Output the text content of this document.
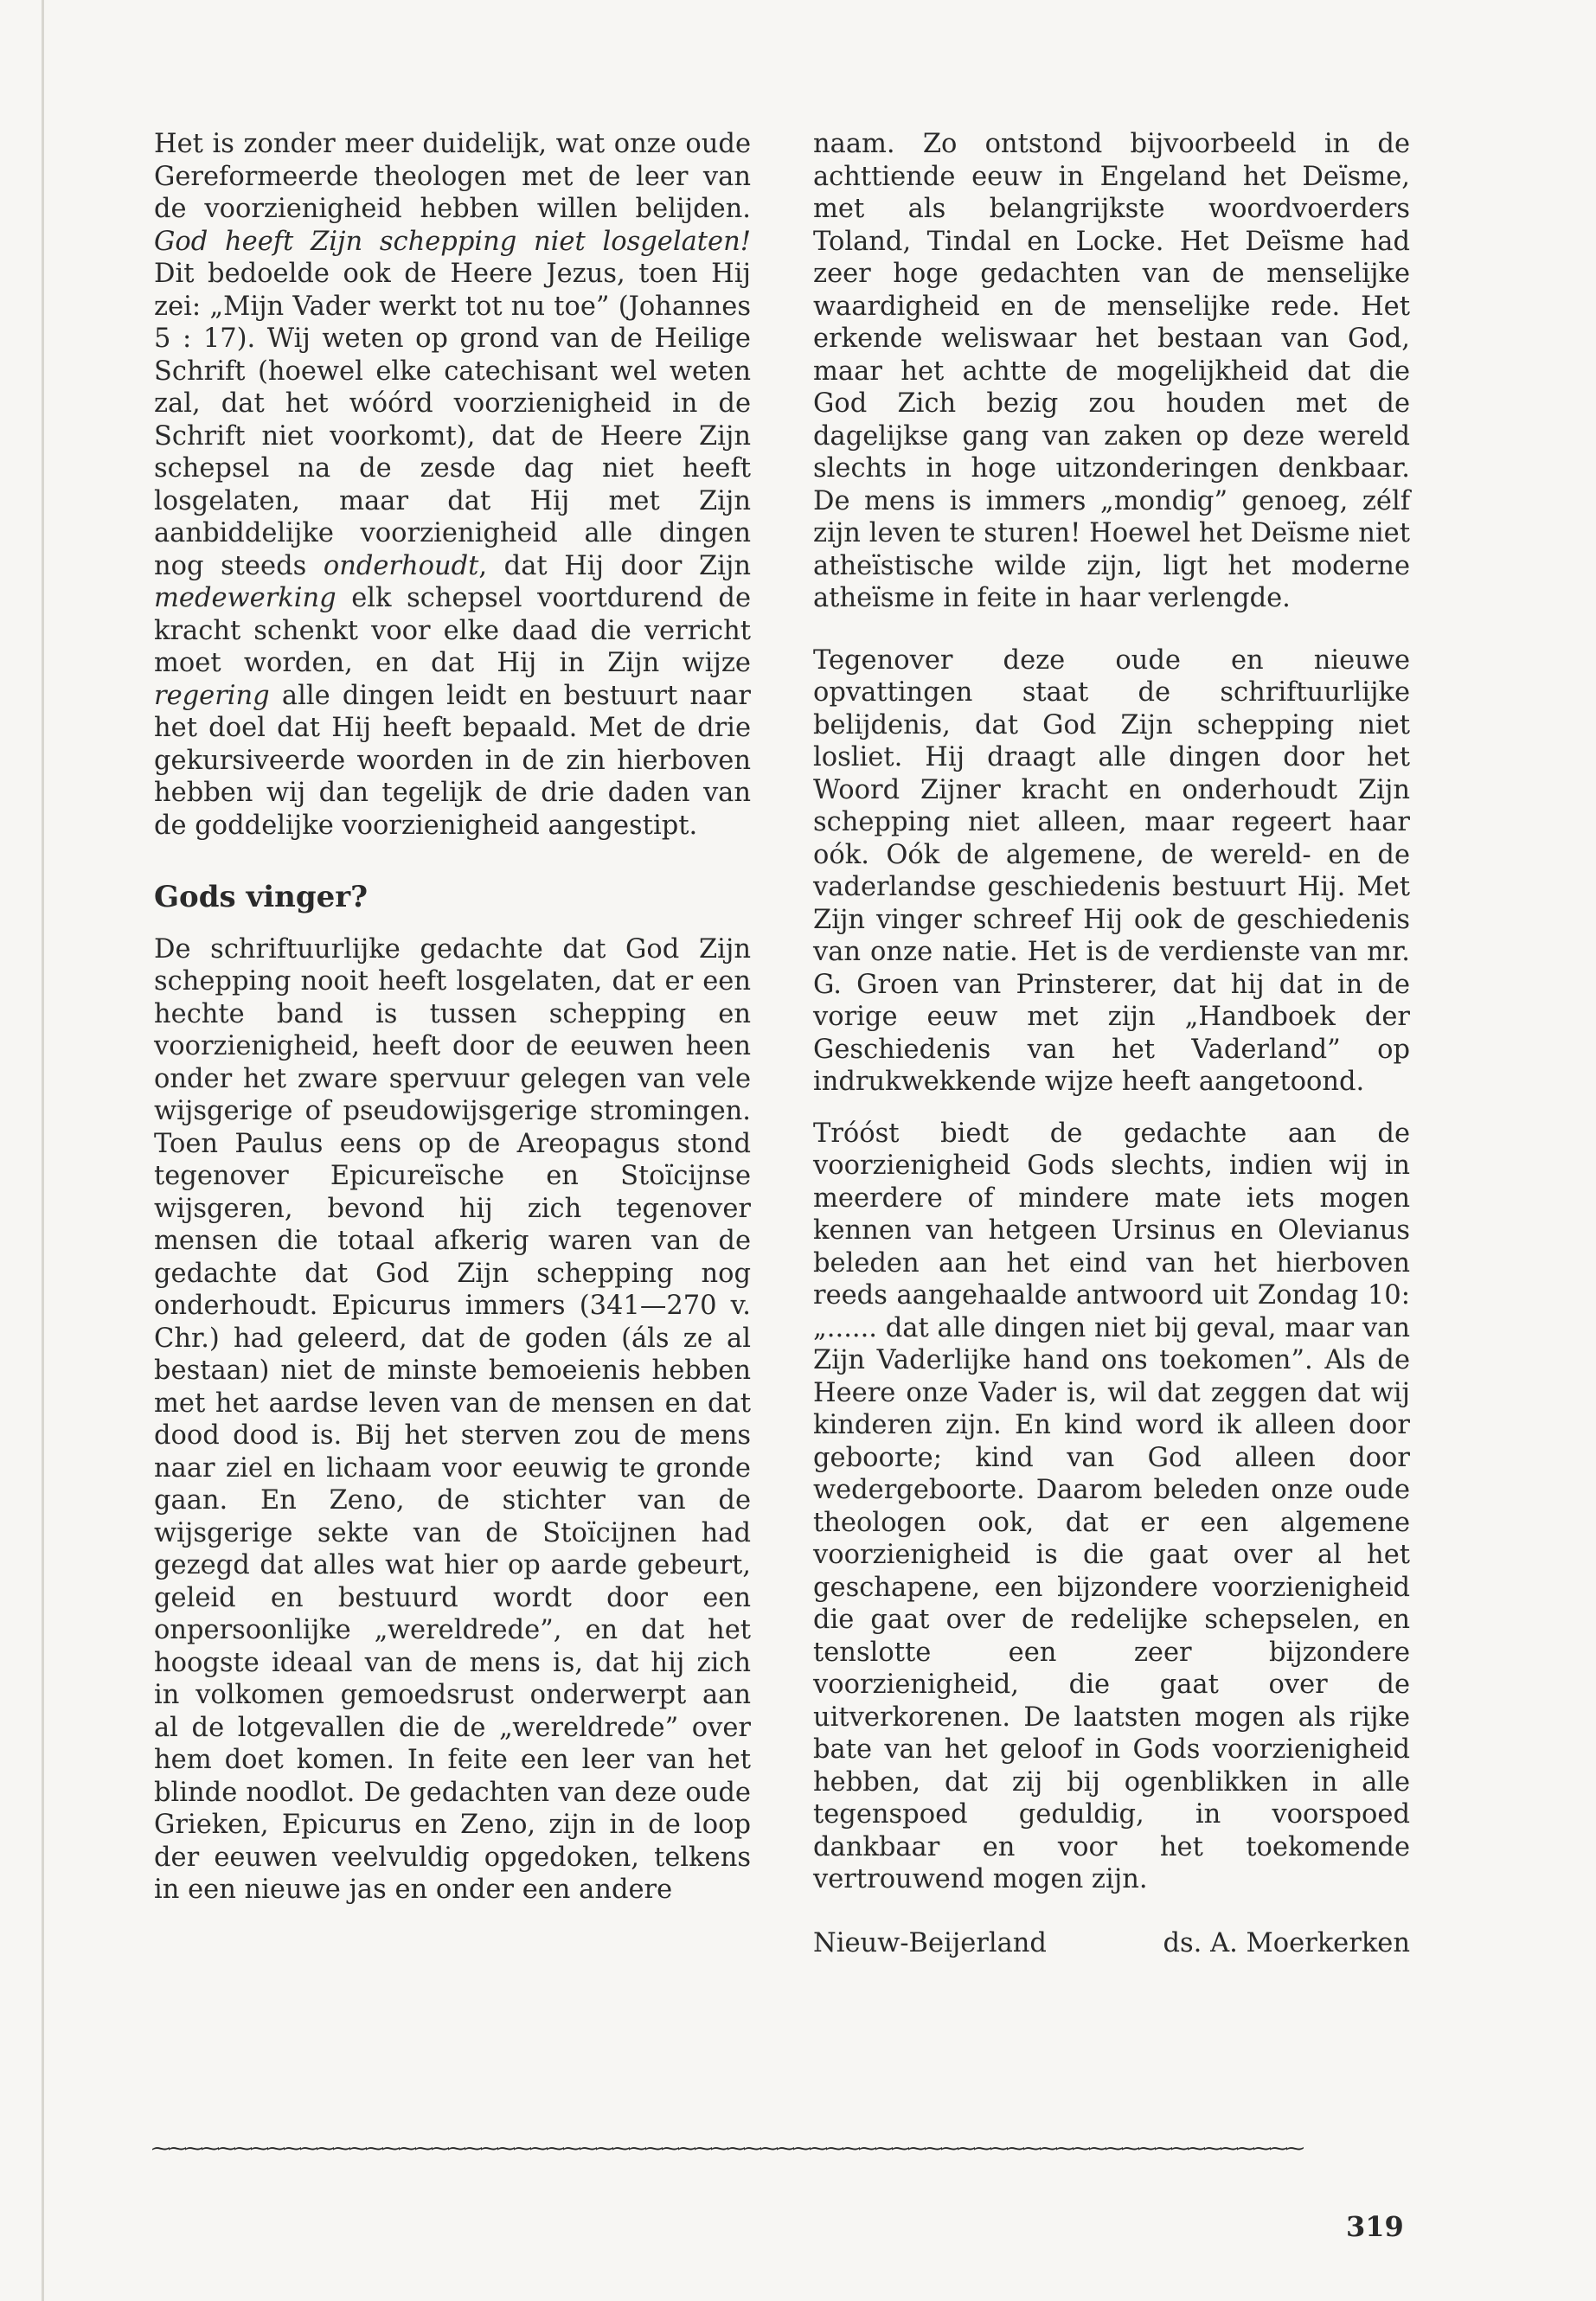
Het is zonder meer duidelijk, wat onze oude Gereformeerde theologen met de leer van de voorzienigheid hebben willen belijden. God heeft Zijn schepping niet losgelaten! Dit bedoelde ook de Heere Jezus, toen Hij zei: „Mijn Vader werkt tot nu toe” (Johannes 5 : 17). Wij weten op grond van de Heilige Schrift (hoewel elke catechisant wel weten zal, dat het wóórd voorzienigheid in de Schrift niet voorkomt), dat de Heere Zijn schepsel na de zesde dag niet heeft losgelaten, maar dat Hij met Zijn aanbiddelijke voorzienigheid alle dingen nog steeds onderhoudt, dat Hij door Zijn medewerking elk schepsel voortdurend de kracht schenkt voor elke daad die verricht moet worden, en dat Hij in Zijn wijze regering alle dingen leidt en bestuurt naar het doel dat Hij heeft bepaald. Met de drie gekursiveerde woorden in de zin hierboven hebben wij dan tegelijk de drie daden van de goddelijke voorzienigheid aangestipt.

Gods vinger?

De schriftuurlijke gedachte dat God Zijn schepping nooit heeft losgelaten, dat er een hechte band is tussen schepping en voorzienigheid, heeft door de eeuwen heen onder het zware spervuur gelegen van vele wijsgerige of pseudowijsgerige stromingen. Toen Paulus eens op de Areopagus stond tegenover Epicureïsche en Stoïcijnse wijsgeren, bevond hij zich tegenover mensen die totaal afkerig waren van de gedachte dat God Zijn schepping nog onderhoudt. Epicurus immers (341—270 v. Chr.) had geleerd, dat de goden (áls ze al bestaan) niet de minste bemoeienis hebben met het aardse leven van de mensen en dat dood dood is. Bij het sterven zou de mens naar ziel en lichaam voor eeuwig te gronde gaan. En Zeno, de stichter van de wijsgerige sekte van de Stoïcijnen had gezegd dat alles wat hier op aarde gebeurt, geleid en bestuurd wordt door een onpersoonlijke „wereldrede”, en dat het hoogste ideaal van de mens is, dat hij zich in volkomen gemoedsrust onderwerpt aan al de lotgevallen die de „wereldrede” over hem doet komen. In feite een leer van het blinde noodlot. De gedachten van deze oude Grieken, Epicurus en Zeno, zijn in de loop der eeuwen veelvuldig opgedoken, telkens in een nieuwe jas en onder een andere

naam. Zo ontstond bijvoorbeeld in de achttiende eeuw in Engeland het Deïsme, met als belangrijkste woordvoerders Toland, Tindal en Locke. Het Deïsme had zeer hoge gedachten van de menselijke waardigheid en de menselijke rede. Het erkende weliswaar het bestaan van God, maar het achtte de mogelijkheid dat die God Zich bezig zou houden met de dagelijkse gang van zaken op deze wereld slechts in hoge uitzonderingen denkbaar. De mens is immers „mondig” genoeg, zélf zijn leven te sturen! Hoewel het Deïsme niet atheïstische wilde zijn, ligt het moderne atheïsme in feite in haar verlengde.

Tegenover deze oude en nieuwe opvattingen staat de schriftuurlijke belijdenis, dat God Zijn schepping niet losliet. Hij draagt alle dingen door het Woord Zijner kracht en onderhoudt Zijn schepping niet alleen, maar regeert haar oók. Oók de algemene, de wereld- en de vaderlandse geschiedenis bestuurt Hij. Met Zijn vinger schreef Hij ook de geschiedenis van onze natie. Het is de verdienste van mr. G. Groen van Prinsterer, dat hij dat in de vorige eeuw met zijn „Handboek der Geschiedenis van het Vaderland” op indrukwekkende wijze heeft aangetoond.

Tróóst biedt de gedachte aan de voorzienigheid Gods slechts, indien wij in meerdere of mindere mate iets mogen kennen van hetgeen Ursinus en Olevianus beleden aan het eind van het hierboven reeds aangehaalde antwoord uit Zondag 10: „...... dat alle dingen niet bij geval, maar van Zijn Vaderlijke hand ons toekomen”. Als de Heere onze Vader is, wil dat zeggen dat wij kinderen zijn. En kind word ik alleen door geboorte; kind van God alleen door wedergeboorte. Daarom beleden onze oude theologen ook, dat er een algemene voorzienigheid is die gaat over al het geschapene, een bijzondere voorzienigheid die gaat over de redelijke schepselen, en tenslotte een zeer bijzondere voorzienigheid, die gaat over de uitverkorenen. De laatsten mogen als rijke bate van het geloof in Gods voorzienigheid hebben, dat zij bij ogenblikken in alle tegenspoed geduldig, in voorspoed dankbaar en voor het toekomende vertrouwend mogen zijn.

Nieuw-Beijerland	ds. A. Moerkerken
⁓⁓⁓⁓⁓⁓⁓⁓⁓⁓⁓⁓⁓⁓⁓⁓⁓⁓⁓⁓⁓⁓⁓⁓⁓⁓⁓⁓⁓⁓⁓⁓⁓⁓⁓⁓⁓⁓⁓⁓⁓⁓⁓⁓⁓⁓⁓⁓⁓⁓⁓⁓⁓⁓⁓⁓⁓⁓⁓⁓⁓⁓⁓⁓⁓⁓⁓⁓⁓⁓
319
